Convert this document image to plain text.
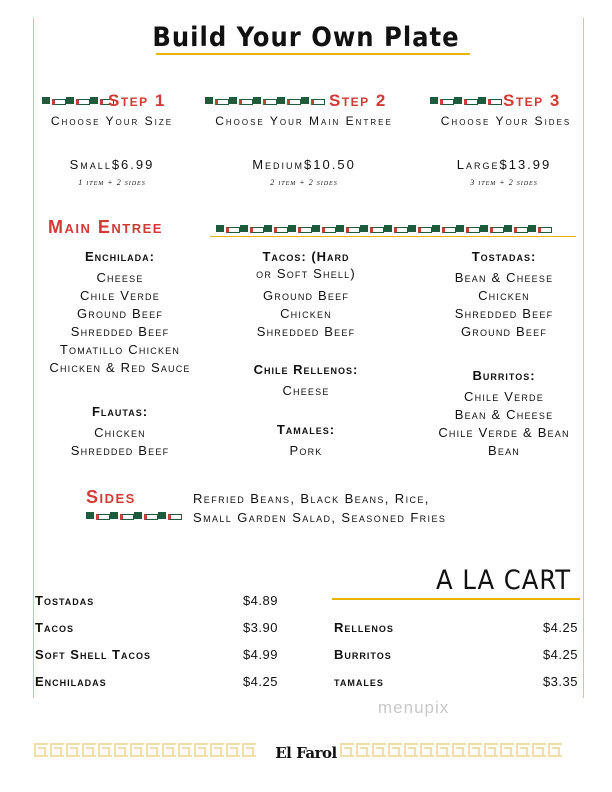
Build Your Own Plate
Step 1	Step 2	Step 3
Choose Your Size	Choose Your Main Entree	Choose Your Sides
Small$6.99
1 item + 2 sides
Medium$10.50
2 item + 2 sides
Large$13.99
3 item + 2 sides
Main Entree
Enchilada:
Cheese
Chile Verde
Ground Beef
Shredded Beef
Tomatillo Chicken
Chicken & Red Sauce
Flautas:
Chicken
Shredded Beef
Tacos: (Hard
or Soft Shell)
Ground Beef
Chicken
Shredded Beef
Chile Rellenos:
Cheese
Tamales:
Pork
Tostadas:
Bean & Cheese
Chicken
Shredded Beef
Ground Beef
Burritos:
Chile Verde
Bean & Cheese
Chile Verde & Bean
Bean
Sides	Refried Beans, Black Beans, Rice,
Small Garden Salad, Seasoned Fries
A LA CART
Tostadas	$4.89
Tacos	$3.90
Soft Shell Tacos	$4.99
Enchiladas	$4.25
Rellenos	$4.25
Burritos	$4.25
tamales	$3.35
menupix
El Farol
